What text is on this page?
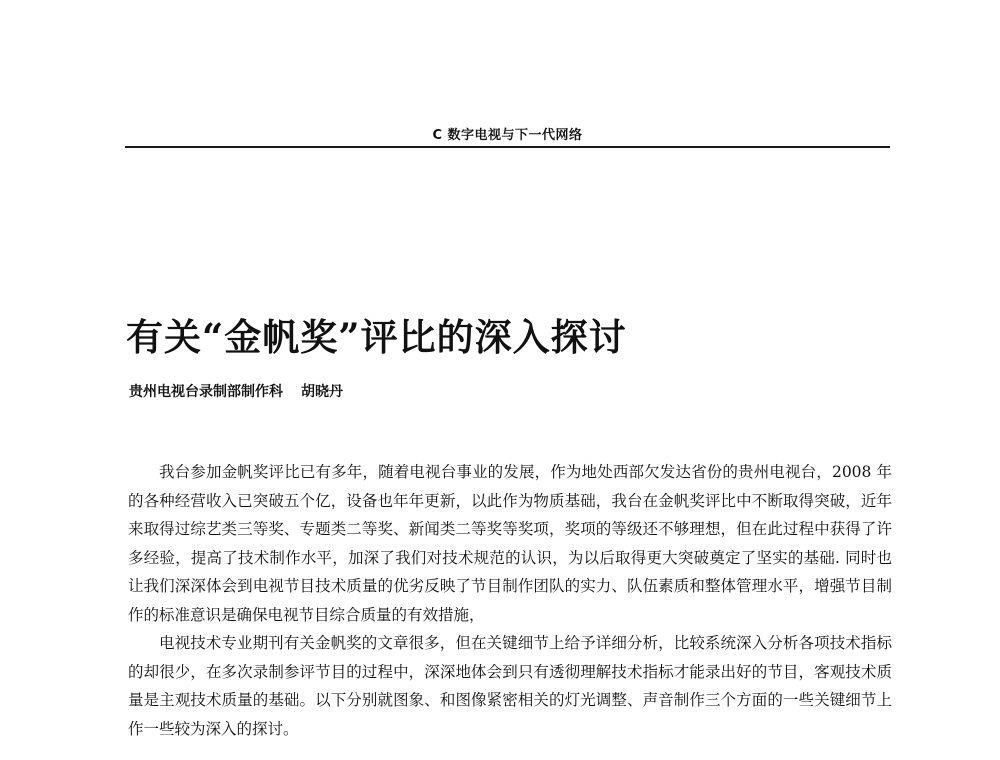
C 数字电视与下一代网络
有关“金帆奖”评比的深入探讨
贵州电视台录制部制作科 胡晓丹

我台参加金帆奖评比已有多年，随着电视台事业的发展，作为地处西部欠发达省份的贵州电视台，2008 年的各种经营收入已突破五个亿，设备也年年更新，以此作为物质基础，我台在金帆奖评比中不断取得突破，近年来取得过综艺类三等奖、专题类二等奖、新闻类二等奖等奖项，奖项的等级还不够理想，但在此过程中获得了许多经验，提高了技术制作水平，加深了我们对技术规范的认识，为以后取得更大突破奠定了坚实的基础. 同时也让我们深深体会到电视节目技术质量的优劣反映了节目制作团队的实力、队伍素质和整体管理水平，增强节目制作的标准意识是确保电视节目综合质量的有效措施，

电视技术专业期刊有关金帆奖的文章很多，但在关键细节上给予详细分析，比较系统深入分析各项技术指标的却很少，在多次录制参评节目的过程中，深深地体会到只有透彻理解技术指标才能录出好的节目，客观技术质量是主观技术质量的基础。以下分别就图象、和图像紧密相关的灯光调整、声音制作三个方面的一些关键细节上作一些较为深入的探讨。
